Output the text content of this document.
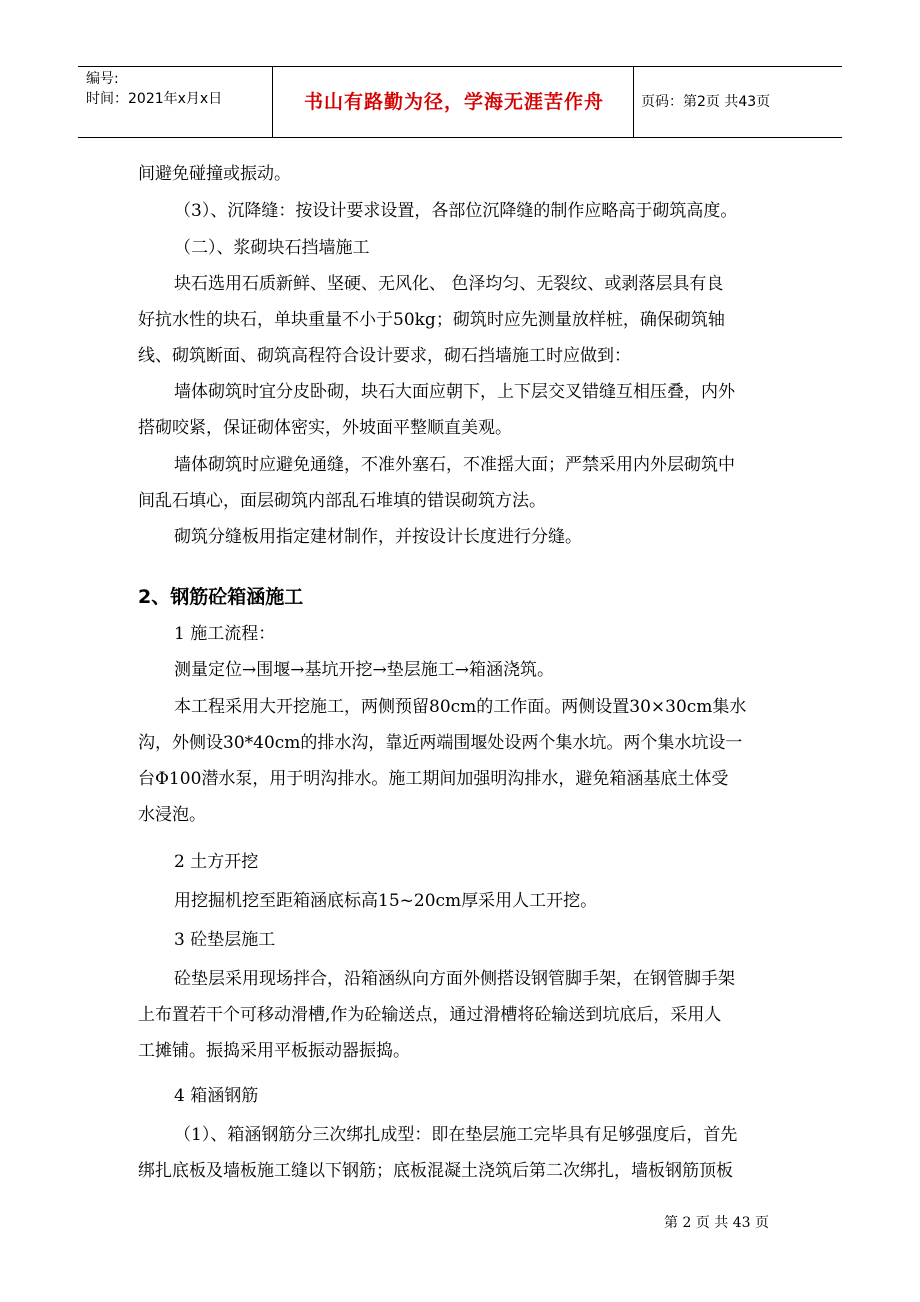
编号:
时间：2021年x月x日	书山有路勤为径，学海无涯苦作舟	页码：第2页 共43页
间避免碰撞或振动。
（3）、沉降缝：按设计要求设置，各部位沉降缝的制作应略高于砌筑高度。
（二）、浆砌块石挡墙施工
块石选用石质新鲜、坚硬、无风化、 色泽均匀、无裂纹、或剥落层具有良
好抗水性的块石，单块重量不小于50kg；砌筑时应先测量放样桩，确保砌筑轴
线、砌筑断面、砌筑高程符合设计要求，砌石挡墙施工时应做到：
墙体砌筑时宜分皮卧砌，块石大面应朝下，上下层交叉错缝互相压叠，内外
搭砌咬紧，保证砌体密实，外坡面平整顺直美观。
墙体砌筑时应避免通缝，不准外塞石，不准摇大面；严禁采用内外层砌筑中
间乱石填心，面层砌筑内部乱石堆填的错误砌筑方法。
砌筑分缝板用指定建材制作，并按设计长度进行分缝。
2、钢筋砼箱涵施工
1 施工流程：
测量定位→围堰→基坑开挖→垫层施工→箱涵浇筑。
本工程采用大开挖施工，两侧预留80cm的工作面。两侧设置30×30cm集水
沟，外侧设30*40cm的排水沟，靠近两端围堰处设两个集水坑。两个集水坑设一
台Φ100潜水泵，用于明沟排水。施工期间加强明沟排水，避免箱涵基底土体受
水浸泡。
2 土方开挖
用挖掘机挖至距箱涵底标高15~20cm厚采用人工开挖。
3 砼垫层施工
砼垫层采用现场拌合，沿箱涵纵向方面外侧搭设钢管脚手架，在钢管脚手架
上布置若干个可移动滑槽,作为砼输送点，通过滑槽将砼输送到坑底后，采用人
工摊铺。振捣采用平板振动器振捣。
4 箱涵钢筋
（1）、箱涵钢筋分三次绑扎成型：即在垫层施工完毕具有足够强度后，首先
绑扎底板及墙板施工缝以下钢筋；底板混凝土浇筑后第二次绑扎，墙板钢筋顶板
第 2 页 共 43 页
